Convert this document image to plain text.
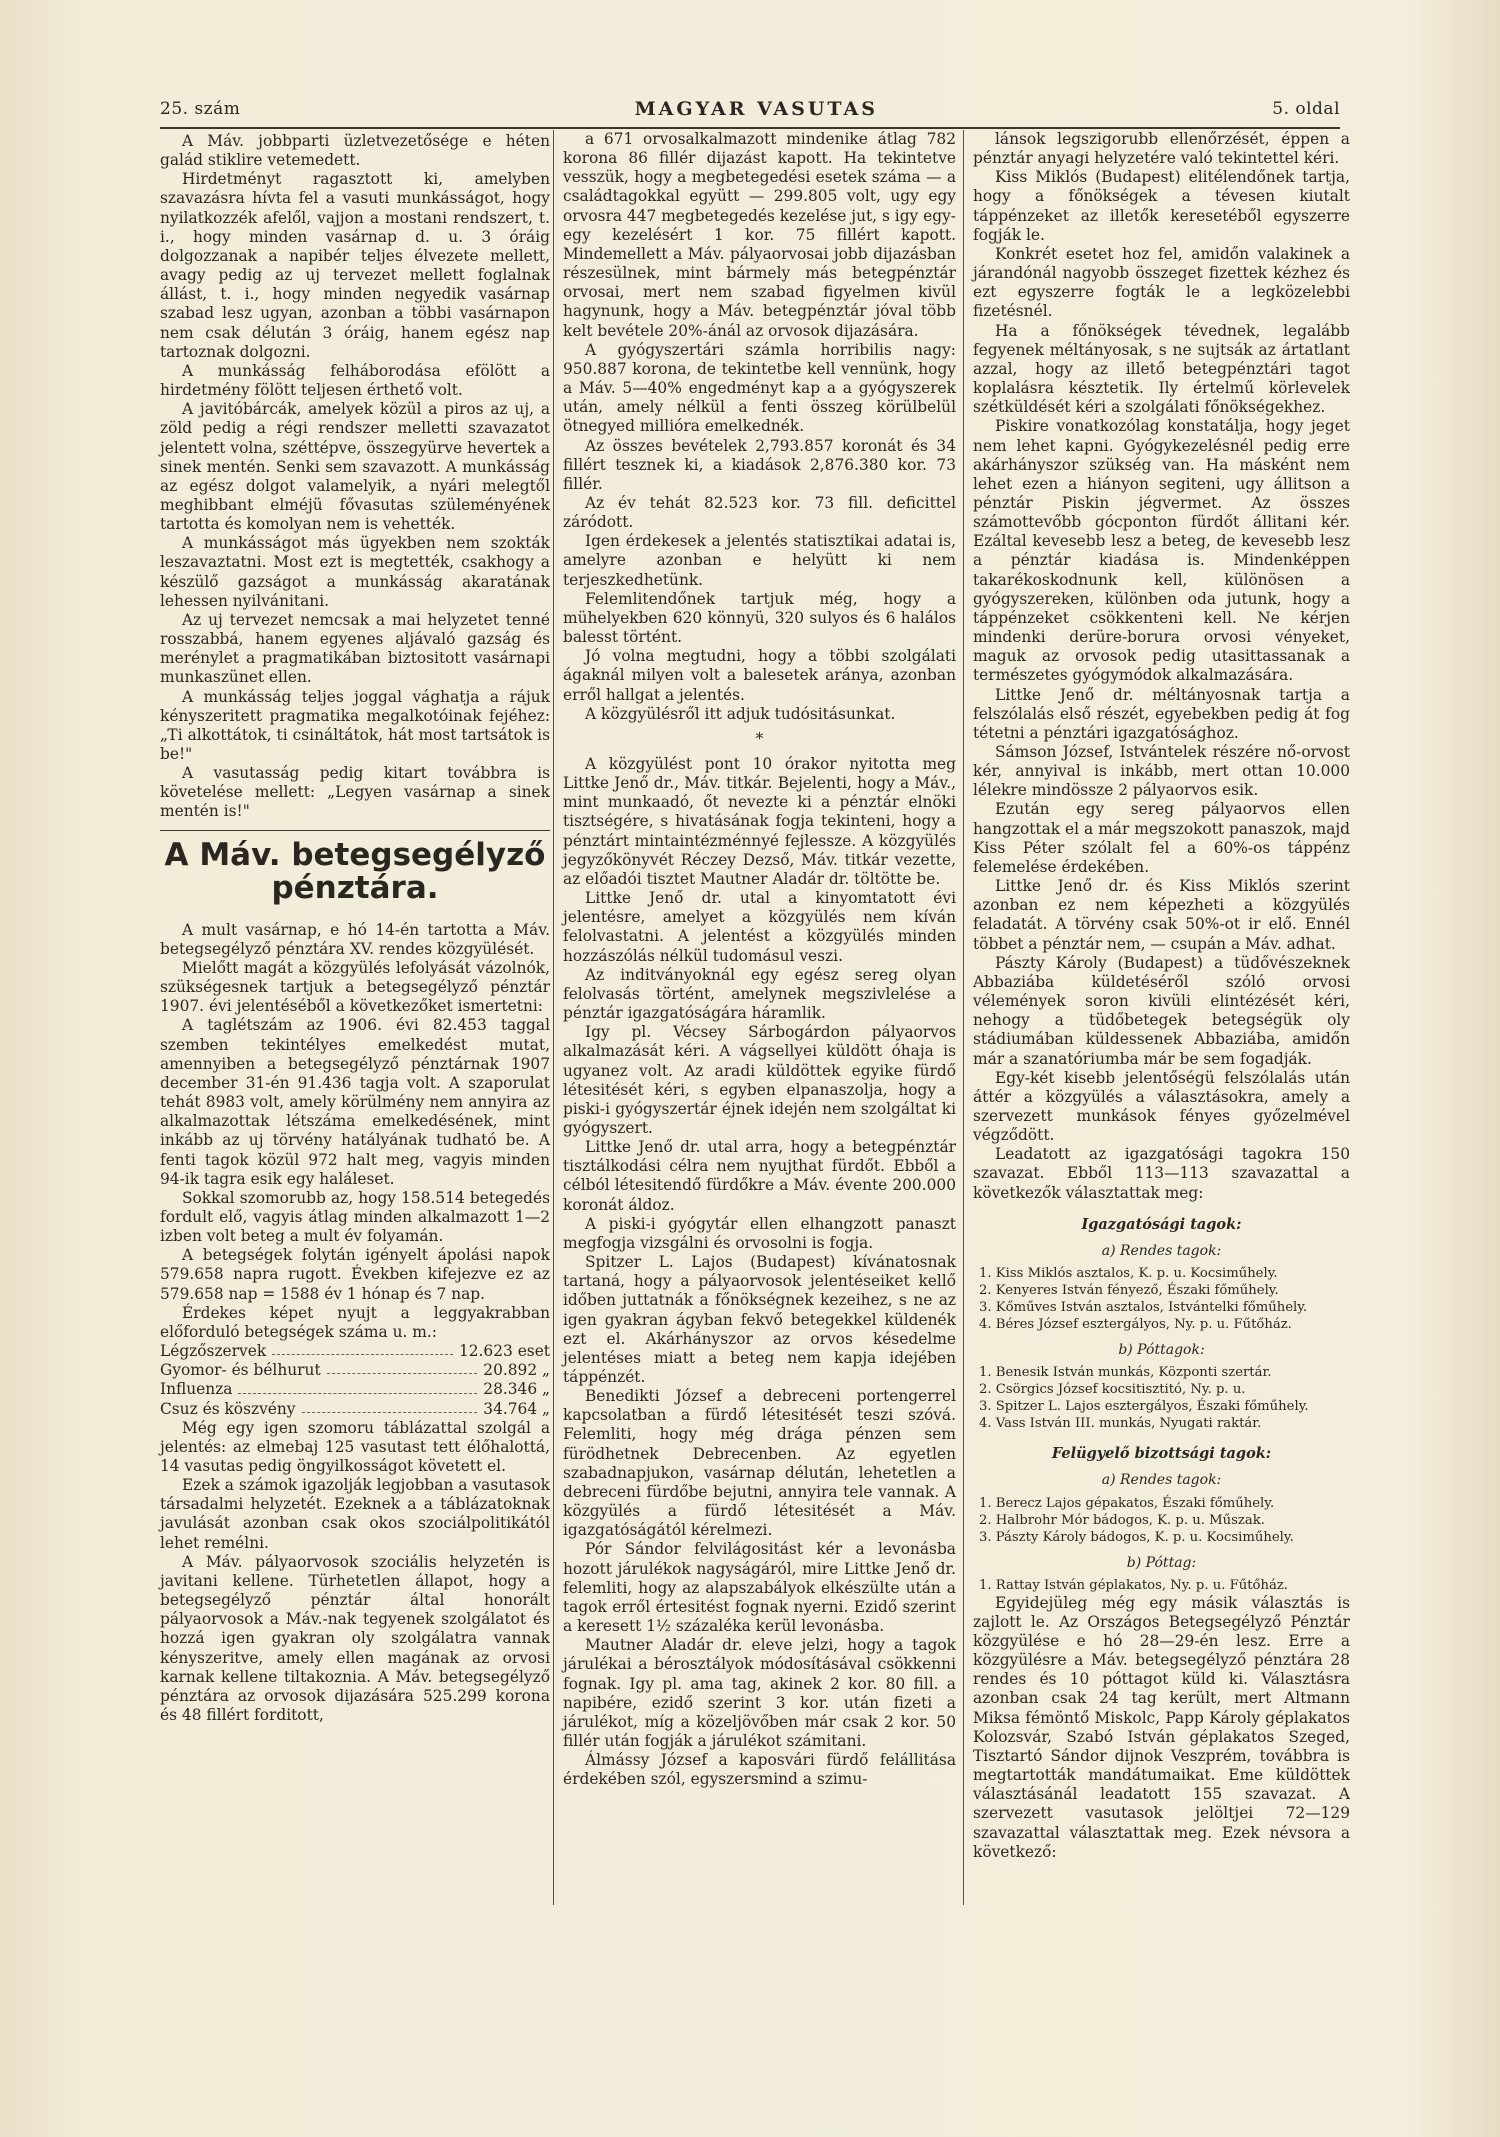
25. szám	MAGYAR VASUTAS	5. oldal

A Máv. jobbparti üzletvezetősége e héten galád stiklire vetemedett.

Hirdetményt ragasztott ki, amelyben szavazásra hívta fel a vasuti munkásságot, hogy nyilatkozzék afelől, vajjon a mostani rendszert, t. i., hogy minden vasárnap d. u. 3 óráig dolgozzanak a napibér teljes élvezete mellett, avagy pedig az uj tervezet mellett foglalnak állást, t. i., hogy minden negyedik vasárnap szabad lesz ugyan, azonban a többi vasárnapon nem csak délután 3 óráig, hanem egész nap tartoznak dolgozni.

A munkásság felháborodása efölött a hirdetmény fölött teljesen érthető volt.

A javitóbárcák, amelyek közül a piros az uj, a zöld pedig a régi rendszer melletti szavazatot jelentett volna, széttépve, összegyürve hevertek a sinek mentén. Senki sem szavazott. A munkásság az egész dolgot valamelyik, a nyári melegtől meghibbant elméjü fővasutas szüleményének tartotta és komolyan nem is vehették.

A munkásságot más ügyekben nem szokták leszavaztatni. Most ezt is megtették, csakhogy a készülő gazságot a munkásság akaratának lehessen nyilvánitani.

Az uj tervezet nemcsak a mai helyzetet tenné rosszabbá, hanem egyenes aljávaló gazság és merénylet a pragmatikában biztositott vasárnapi munkaszünet ellen.

A munkásság teljes joggal vághatja a rájuk kényszeritett pragmatika megalkotóinak fejéhez: „Ti alkottátok, ti csináltátok, hát most tartsátok is be!"

A vasutasság pedig kitart továbbra is követelése mellett: „Legyen vasárnap a sinek mentén is!"

A Máv. betegsegélyző
pénztára.

A mult vasárnap, e hó 14-én tartotta a Máv. betegsegélyző pénztára XV. rendes közgyülését.

Mielőtt magát a közgyülés lefolyását vázolnók, szükségesnek tartjuk a betegsegélyző pénztár 1907. évi jelentéséből a következőket ismertetni:

A taglétszám az 1906. évi 82.453 taggal szemben tekintélyes emelkedést mutat, amennyiben a betegsegélyző pénztárnak 1907 december 31-én 91.436 tagja volt. A szaporulat tehát 8983 volt, amely körülmény nem annyira az alkalmazottak létszáma emelkedésének, mint inkább az uj törvény hatályának tudható be. A fenti tagok közül 972 halt meg, vagyis minden 94-ik tagra esik egy haláleset.

Sokkal szomorubb az, hogy 158.514 betegedés fordult elő, vagyis átlag minden alkalmazott 1—2 izben volt beteg a mult év folyamán.

A betegségek folytán igényelt ápolási napok 579.658 napra rugott. Években kifejezve ez az 579.658 nap = 1588 év 1 hónap és 7 nap.

Érdekes képet nyujt a leggyakrabban előforduló betegségek száma u. m.:

Légzőszervek	12.623 eset
Gyomor- és bélhurut	20.892 „
Influenza	28.346 „
Csuz és köszvény	34.764 „

Még egy igen szomoru táblázattal szolgál a jelentés: az elmebaj 125 vasutast tett élőhalottá, 14 vasutas pedig öngyilkosságot követett el.

Ezek a számok igazolják legjobban a vasutasok társadalmi helyzetét. Ezeknek a a táblázatoknak javulását azonban csak okos szociálpolitikától lehet remélni.

A Máv. pályaorvosok szociális helyzetén is javitani kellene. Türhetetlen állapot, hogy a betegsegélyző pénztár által honorált pályaorvosok a Máv.-nak tegyenek szolgálatot és hozzá igen gyakran oly szolgálatra vannak kényszeritve, amely ellen magának az orvosi karnak kellene tiltakoznia. A Máv. betegsegélyző pénztára az orvosok dijazására 525.299 korona és 48 fillért forditott,

a 671 orvosalkalmazott mindenike átlag 782 korona 86 fillér dijazást kapott. Ha tekintetve vesszük, hogy a megbetegedési esetek száma — a családtagokkal együtt — 299.805 volt, ugy egy orvosra 447 megbetegedés kezelése jut, s igy egy-egy kezelésért 1 kor. 75 fillért kapott. Mindemellett a Máv. pályaorvosai jobb dijazásban részesülnek, mint bármely más betegpénztár orvosai, mert nem szabad figyelmen kivül hagynunk, hogy a Máv. betegpénztár jóval több kelt bevétele 20%-ánál az orvosok dijazására.

A gyógyszertári számla horribilis nagy: 950.887 korona, de tekintetbe kell vennünk, hogy a Máv. 5—40% engedményt kap a a gyógyszerek után, amely nélkül a fenti összeg körülbelül ötnegyed millióra emelkednék.

Az összes bevételek 2,793.857 koronát és 34 fillért tesznek ki, a kiadások 2,876.380 kor. 73 fillér.

Az év tehát 82.523 kor. 73 fill. deficittel záródott.

Igen érdekesek a jelentés statisztikai adatai is, amelyre azonban e helyütt ki nem terjeszkedhetünk.

Felemlitendőnek tartjuk még, hogy a mühelyekben 620 könnyü, 320 sulyos és 6 halálos balesst történt.

Jó volna megtudni, hogy a többi szolgálati ágaknál milyen volt a balesetek aránya, azonban erről hallgat a jelentés.

A közgyülésről itt adjuk tudósitásunkat.

*

A közgyülést pont 10 órakor nyitotta meg Littke Jenő dr., Máv. titkár. Bejelenti, hogy a Máv., mint munkaadó, őt nevezte ki a pénztár elnöki tisztségére, s hivatásának fogja tekinteni, hogy a pénztárt mintaintézménnyé fejlessze. A közgyülés jegyzőkönyvét Réczey Dezső, Máv. titkár vezette, az előadói tisztet Mautner Aladár dr. töltötte be.

Littke Jenő dr. utal a kinyomtatott évi jelentésre, amelyet a közgyülés nem kíván felolvastatni. A jelentést a közgyülés minden hozzászólás nélkül tudomásul veszi.

Az inditványoknál egy egész sereg olyan felolvasás történt, amelynek megszivlelése a pénztár igazgatóságára háramlik.

Igy pl. Vécsey Sárbogárdon pályaorvos alkalmazását kéri. A vágsellyei küldött óhaja is ugyanez volt. Az aradi küldöttek egyike fürdő létesitését kéri, s egyben elpanaszolja, hogy a piski-i gyógyszertár éjnek idején nem szolgáltat ki gyógyszert.

Littke Jenő dr. utal arra, hogy a betegpénztár tisztálkodási célra nem nyujthat fürdőt. Ebből a célból létesitendő fürdőkre a Máv. évente 200.000 koronát áldoz.

A piski-i gyógytár ellen elhangzott panaszt megfogja vizsgálni és orvosolni is fogja.

Spitzer L. Lajos (Budapest) kívánatosnak tartaná, hogy a pályaorvosok jelentéseiket kellő időben juttatnák a főnökségnek kezeihez, s ne az igen gyakran ágyban fekvő betegekkel küldenék ezt el. Akárhányszor az orvos késedelme jelentéses miatt a beteg nem kapja idejében táppénzét.

Benedikti József a debreceni portengerrel kapcsolatban a fürdő létesitését teszi szóvá. Felemliti, hogy még drága pénzen sem fürödhetnek Debrecenben. Az egyetlen szabadnapjukon, vasárnap délután, lehetetlen a debreceni fürdőbe bejutni, annyira tele vannak. A közgyülés a fürdő létesitését a Máv. igazgatóságától kérelmezi.

Pór Sándor felvilágositást kér a levonásba hozott járulékok nagyságáról, mire Littke Jenő dr. felemliti, hogy az alapszabályok elkészülte után a tagok erről értesitést fognak nyerni. Ezidő szerint a keresett 1½ százaléka kerül levonásba.

Mautner Aladár dr. eleve jelzi, hogy a tagok járulékai a bérosztályok módosításával csökkenni fognak. Igy pl. ama tag, akinek 2 kor. 80 fill. a napibére, ezidő szerint 3 kor. után fizeti a járulékot, míg a közeljövőben már csak 2 kor. 50 fillér után fogják a járulékot számitani.

Álmássy József a kaposvári fürdő felállitása érdekében szól, egyszersmind a szimu-

lánsok legszigorubb ellenőrzését, éppen a pénztár anyagi helyzetére való tekintettel kéri.

Kiss Miklós (Budapest) elitélendőnek tartja, hogy a főnökségek a tévesen kiutalt táppénzeket az illetők keresetéből egyszerre fogják le.

Konkrét esetet hoz fel, amidőn valakinek a járandónál nagyobb összeget fizettek kézhez és ezt egyszerre fogták le a legközelebbi fizetésnél.

Ha a főnökségek tévednek, legalább fegyenek méltányosak, s ne sujtsák az ártatlant azzal, hogy az illető betegpénztári tagot koplalásra késztetik. Ily értelmű körlevelek szétküldését kéri a szolgálati főnökségekhez.

Piskire vonatkozólag konstatálja, hogy jeget nem lehet kapni. Gyógykezelésnél pedig erre akárhányszor szükség van. Ha másként nem lehet ezen a hiányon segiteni, ugy állitson a pénztár Piskin jégvermet. Az összes számottevőbb gócponton fürdőt állitani kér. Ezáltal kevesebb lesz a beteg, de kevesebb lesz a pénztár kiadása is. Mindenképpen takarékoskodnunk kell, különösen a gyógyszereken, különben oda jutunk, hogy a táppénzeket csökkenteni kell. Ne kérjen mindenki derüre-borura orvosi vényeket, maguk az orvosok pedig utasittassanak a természetes gyógymódok alkalmazására.

Littke Jenő dr. méltányosnak tartja a felszólalás első részét, egyebekben pedig át fog tétetni a pénztári igazgatósághoz.

Sámson József, Istvántelek részére nő-orvost kér, annyival is inkább, mert ottan 10.000 lélekre mindössze 2 pályaorvos esik.

Ezután egy sereg pályaorvos ellen hangzottak el a már megszokott panaszok, majd Kiss Péter szólalt fel a 60%-os táppénz felemelése érdekében.

Littke Jenő dr. és Kiss Miklós szerint azonban ez nem képezheti a közgyülés feladatát. A törvény csak 50%-ot ir elő. Ennél többet a pénztár nem, — csupán a Máv. adhat.

Pászty Károly (Budapest) a tüdővészeknek Abbaziába küldetéséről szóló orvosi vélemények soron kivüli elintézését kéri, nehogy a tüdőbetegek betegségük oly stádiumában küldessenek Abbaziába, amidőn már a szanatóriumba már be sem fogadják.

Egy-két kisebb jelentőségü felszólalás után áttér a közgyülés a választásokra, amely a szervezett munkások fényes győzelmével végződött.

Leadatott az igazgatósági tagokra 150 szavazat. Ebből 113—113 szavazattal a következők választattak meg:

Igazgatósági tagok:

a) Rendes tagok:

1. Kiss Miklós asztalos, K. p. u. Kocsiműhely.
2. Kenyeres István fényező, Északi főműhely.
3. Kőműves István asztalos, Istvántelki főműhely.
4. Béres József esztergályos, Ny. p. u. Fűtőház.

b) Póttagok:

1. Benesik István munkás, Központi szertár.
2. Csörgics József kocsitisztitó, Ny. p. u.
3. Spitzer L. Lajos esztergályos, Északi főműhely.
4. Vass István III. munkás, Nyugati raktár.

Felügyelő bizottsági tagok:

a) Rendes tagok:

1. Berecz Lajos gépakatos, Északi főműhely.
2. Halbrohr Mór bádogos, K. p. u. Műszak.
3. Pászty Károly bádogos, K. p. u. Kocsiműhely.

b) Póttag:

1. Rattay István géplakatos, Ny. p. u. Fűtőház.

Egyidejüleg még egy másik választás is zajlott le. Az Országos Betegsegélyző Pénztár közgyülése e hó 28—29-én lesz. Erre a közgyülésre a Máv. betegsegélyző pénztára 28 rendes és 10 póttagot küld ki. Választásra azonban csak 24 tag került, mert Altmann Miksa fémöntő Miskolc, Papp Károly géplakatos Kolozsvár, Szabó István géplakatos Szeged, Tisztartó Sándor dijnok Veszprém, továbbra is megtartották mandátumaikat. Eme küldöttek választásánál leadatott 155 szavazat. A szervezett vasutasok jelöltjei 72—129 szavazattal választattak meg. Ezek névsora a következő:
